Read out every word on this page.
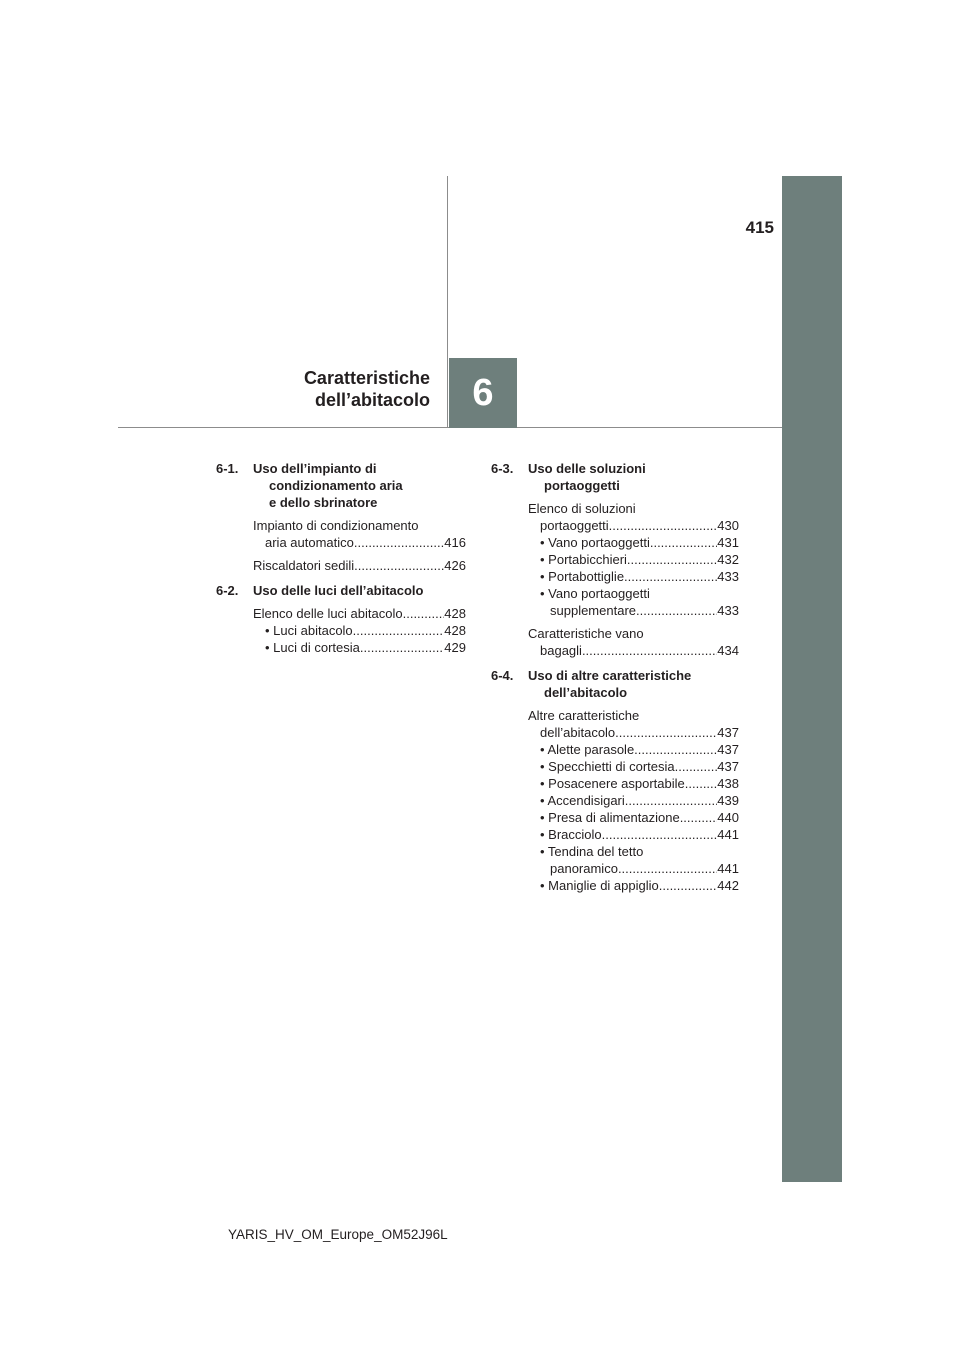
415
6
Caratteristiche
dell’abitacolo
6-1.	Uso dell’impianto di
condizionamento aria
e dello sbrinatore
Impianto di condizionamento
aria automatico .....	416
Riscaldatori sedili .....	426
6-2.	Uso delle luci dell’abitacolo
Elenco delle luci abitacolo .....	428
• Luci abitacolo .....	428
• Luci di cortesia .....	429
6-3.	Uso delle soluzioni
portaoggetti
Elenco di soluzioni
portaoggetti .....	430
• Vano portaoggetti .....	431
• Portabicchieri .....	432
• Portabottiglie .....	433
• Vano portaoggetti
supplementare .....	433
Caratteristiche vano
bagagli .....	434
6-4.	Uso di altre caratteristiche
dell’abitacolo
Altre caratteristiche
dell’abitacolo .....	437
• Alette parasole .....	437
• Specchietti di cortesia .....	437
• Posacenere asportabile .....	438
• Accendisigari .....	439
• Presa di alimentazione .....	440
• Bracciolo .....	441
• Tendina del tetto
panoramico .....	441
• Maniglie di appiglio .....	442
YARIS_HV_OM_Europe_OM52J96L
